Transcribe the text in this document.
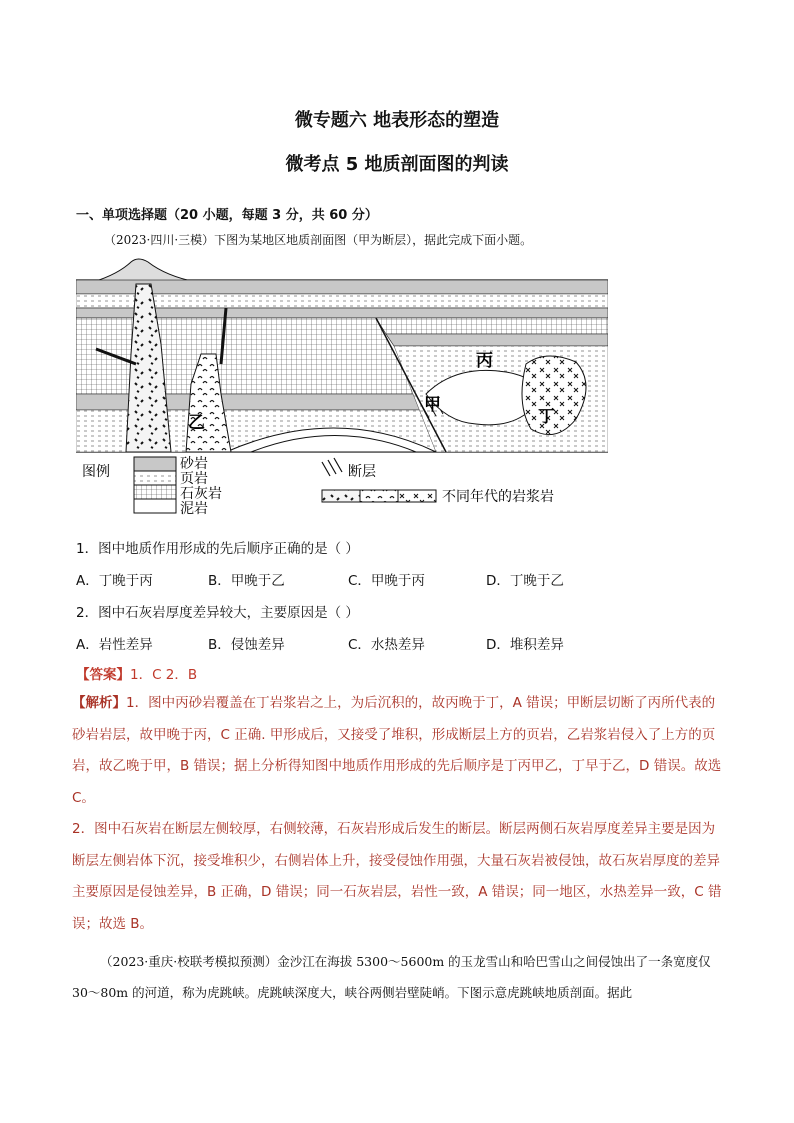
微专题六 地表形态的塑造
微考点 5 地质剖面图的判读
一、单项选择题（20 小题，每题 3 分，共 60 分）
（2023·四川·三模）下图为某地区地质剖面图（甲为断层），据此完成下面小题。
丙
甲
丁
乙
图例	砂岩
页岩
石灰岩
泥岩
断层
不同年代的岩浆岩
1．图中地质作用形成的先后顺序正确的是（ ）
A．丁晚于丙	B．甲晚于乙	C．甲晚于丙	D．丁晚于乙
2．图中石灰岩厚度差异较大，主要原因是（ ）
A．岩性差异	B．侵蚀差异	C．水热差异	D．堆积差异
【答案】1．C 2．B
【解析】1．图中丙砂岩覆盖在丁岩浆岩之上，为后沉积的，故丙晚于丁，A 错误；甲断层切断了丙所代表的砂岩岩层，故甲晚于丙，C 正确. 甲形成后，又接受了堆积，形成断层上方的页岩，乙岩浆岩侵入了上方的页岩，故乙晚于甲，B 错误；据上分析得知图中地质作用形成的先后顺序是丁丙甲乙，丁早于乙，D 错误。故选 C。
2．图中石灰岩在断层左侧较厚，右侧较薄，石灰岩形成后发生的断层。断层两侧石灰岩厚度差异主要是因为断层左侧岩体下沉，接受堆积少，右侧岩体上升，接受侵蚀作用强，大量石灰岩被侵蚀，故石灰岩厚度的差异主要原因是侵蚀差异，B 正确，D 错误；同一石灰岩层，岩性一致，A 错误；同一地区，水热差异一致，C 错误；故选 B。
（2023·重庆·校联考模拟预测）金沙江在海拔 5300～5600m 的玉龙雪山和哈巴雪山之间侵蚀出了一条宽度仅 30～80m 的河道，称为虎跳峡。虎跳峡深度大，峡谷两侧岩壁陡峭。下图示意虎跳峡地质剖面。据此
